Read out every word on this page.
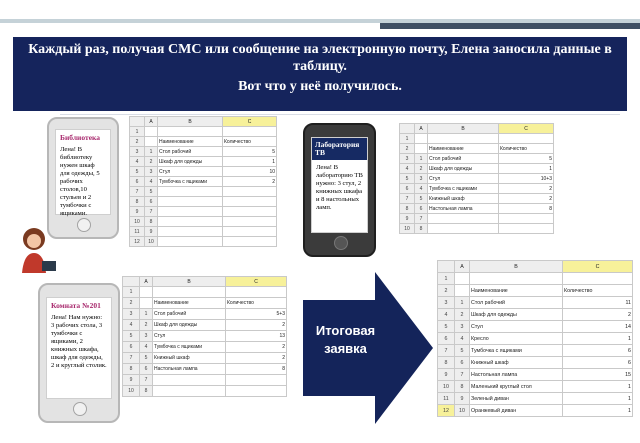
Каждый раз, получая СМС или сообщение на электронную почту, Елена заносила данные в таблицу.
Вот что у неё получилось.
Библиотека
Лена! В библиотеку нужен шкаф для одежды, 5 рабочих столов,10 стульев и 2 тумбочки с ящиками.
	A	B	C
1			
2		Наименование	Количество
3	1	Стол рабочий	5
4	2	Шкаф для одежды	1
5	3	Стул	10
6	4	Тумбочка с ящиками	2
7	5		
8	6		
9	7		
10	8		
11	9		
12	10		
Лаборатория ТВ
Лена! В лабораторию ТВ нужно: 3 стул, 2 книжных шкафа и 8 настольных ламп.
	A	B	C
1			
2		Наименование	Количество
3	1	Стол рабочий	5
4	2	Шкаф для одежды	1
5	3	Стул	10+3
6	4	Тумбочка с ящиками	2
7	5	Книжный шкаф	2
8	6	Настольная лампа	8
9	7		
10	8		
Комната №201
Лена! Нам нужно: 3 рабочих стола, 3 тумбочки с ящиками, 2 книжных шкафа, шкаф для одежды, 2 и круглый столик.
	A	B	C
1			
2		Наименование	Количество
3	1	Стол рабочий	5+3
4	2	Шкаф для одежды	2
5	3	Стул	13
6	4	Тумбочка с ящиками	2
7	5	Книжный шкаф	2
8	6	Настольная лампа	8
9	7		
10	8		
Итоговая заявка
	A	B	C
1			
2		Наименование	Количество
3	1	Стол рабочий	11
4	2	Шкаф для одежды	2
5	3	Стул	14
6	4	Кресло	1
7	5	Тумбочка с ящиками	6
8	6	Книжный шкаф	6
9	7	Настольная лампа	15
10	8	Маленький круглый стол	1
11	9	Зеленый диван	1
12	10	Оранжевый диван	1
